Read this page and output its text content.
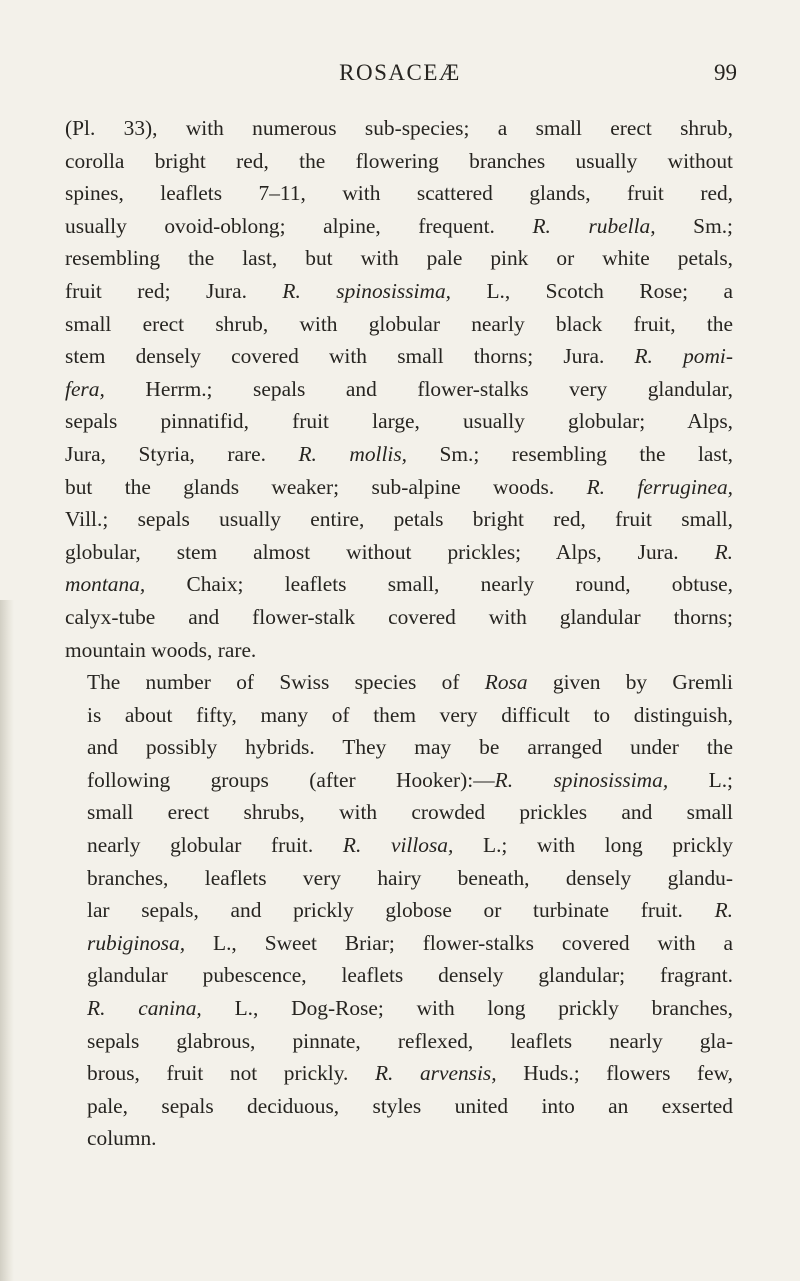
ROSACEÆ	99
(Pl. 33), with numerous sub-species; a small erect shrub,
corolla bright red, the flowering branches usually without
spines, leaflets 7–11, with scattered glands, fruit red,
usually ovoid-oblong; alpine, frequent. R. rubella, Sm.;
resembling the last, but with pale pink or white petals,
fruit red; Jura. R. spinosissima, L., Scotch Rose; a
small erect shrub, with globular nearly black fruit, the
stem densely covered with small thorns; Jura. R. pomi-
fera, Herrm.; sepals and flower-stalks very glandular,
sepals pinnatifid, fruit large, usually globular; Alps,
Jura, Styria, rare. R. mollis, Sm.; resembling the last,
but the glands weaker; sub-alpine woods. R. ferruginea,
Vill.; sepals usually entire, petals bright red, fruit small,
globular, stem almost without prickles; Alps, Jura. R.
montana, Chaix; leaflets small, nearly round, obtuse,
calyx-tube and flower-stalk covered with glandular thorns;
mountain woods, rare.
The number of Swiss species of Rosa given by Gremli
is about fifty, many of them very difficult to distinguish,
and possibly hybrids. They may be arranged under the
following groups (after Hooker):—R. spinosissima, L.;
small erect shrubs, with crowded prickles and small
nearly globular fruit. R. villosa, L.; with long prickly
branches, leaflets very hairy beneath, densely glandu-
lar sepals, and prickly globose or turbinate fruit. R.
rubiginosa, L., Sweet Briar; flower-stalks covered with a
glandular pubescence, leaflets densely glandular; fragrant.
R. canina, L., Dog-Rose; with long prickly branches,
sepals glabrous, pinnate, reflexed, leaflets nearly gla-
brous, fruit not prickly. R. arvensis, Huds.; flowers few,
pale, sepals deciduous, styles united into an exserted
column.
